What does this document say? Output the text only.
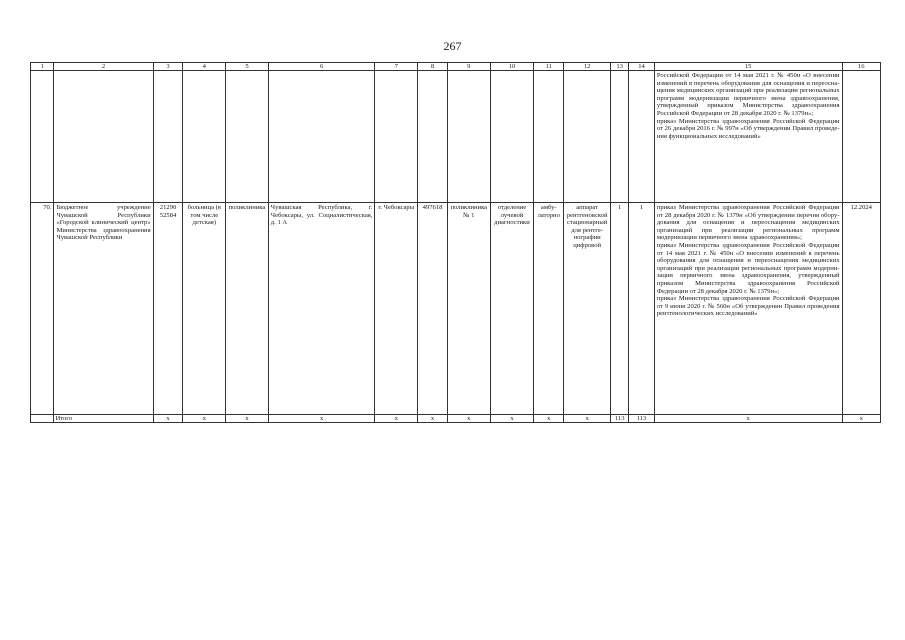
267
1	2	3	4	5	6	7	8	9	10	11	12	13	14	15	16

														Российской Федерации от 14 мая 2021 г. № 450н «О внесении изменений в перечень оборудования для оснащения и переоснащения медицинских организаций при реализации региональных программ модернизации первичного звена здравоохранения, утвержденный приказом Министерства здравоохранения Российской Федерации от 28 декабря 2020 г. № 1379н»;
приказ Министерства здравоохранения Российской Федерации от 26 декабря 2016 г. № 997н «Об утверждении Правил проведения функциональных исследований»	

70.	Бюджетное учреждение Чувашской Республики «Городской клинический центр» Министерства здравоохранения Чувашской Республики	21290 52584	больница (в том числе детская)	поликлиника	Чувашская Республика, г. Чебоксары, ул. Социалистическая, д. 1 А	г. Чебоксары	497618	поликлиника № 1	отделение лучевой диагностики	амбулаторно	аппарат рентгеновской стационарный для рентгенографии цифровой	1	1	приказ Министерства здравоохранения Российской Федерации от 28 декабря 2020 г. № 1379н «Об утверждении перечня оборудования для оснащения и переоснащения медицинских организаций при реализации региональных программ модернизации первичного звена здравоохранения»;
приказ Министерства здравоохранения Российской Федерации от 14 мая 2021 г. № 450н «О внесении изменений в перечень оборудования для оснащения и переоснащения медицинских организаций при реализации региональных программ модернизации первичного звена здравоохранения, утвержденный приказом Министерства здравоохранения Российской Федерации от 28 декабря 2020 г. № 1379н»;
приказ Министерства здравоохранения Российской Федерации от 9 июня 2020 г. № 560н «Об утверждении Правил проведения рентгенологических исследований»	12.2024
	Итого	x	x	x	x	x	x	x	x	x	x	113	113	x	x
